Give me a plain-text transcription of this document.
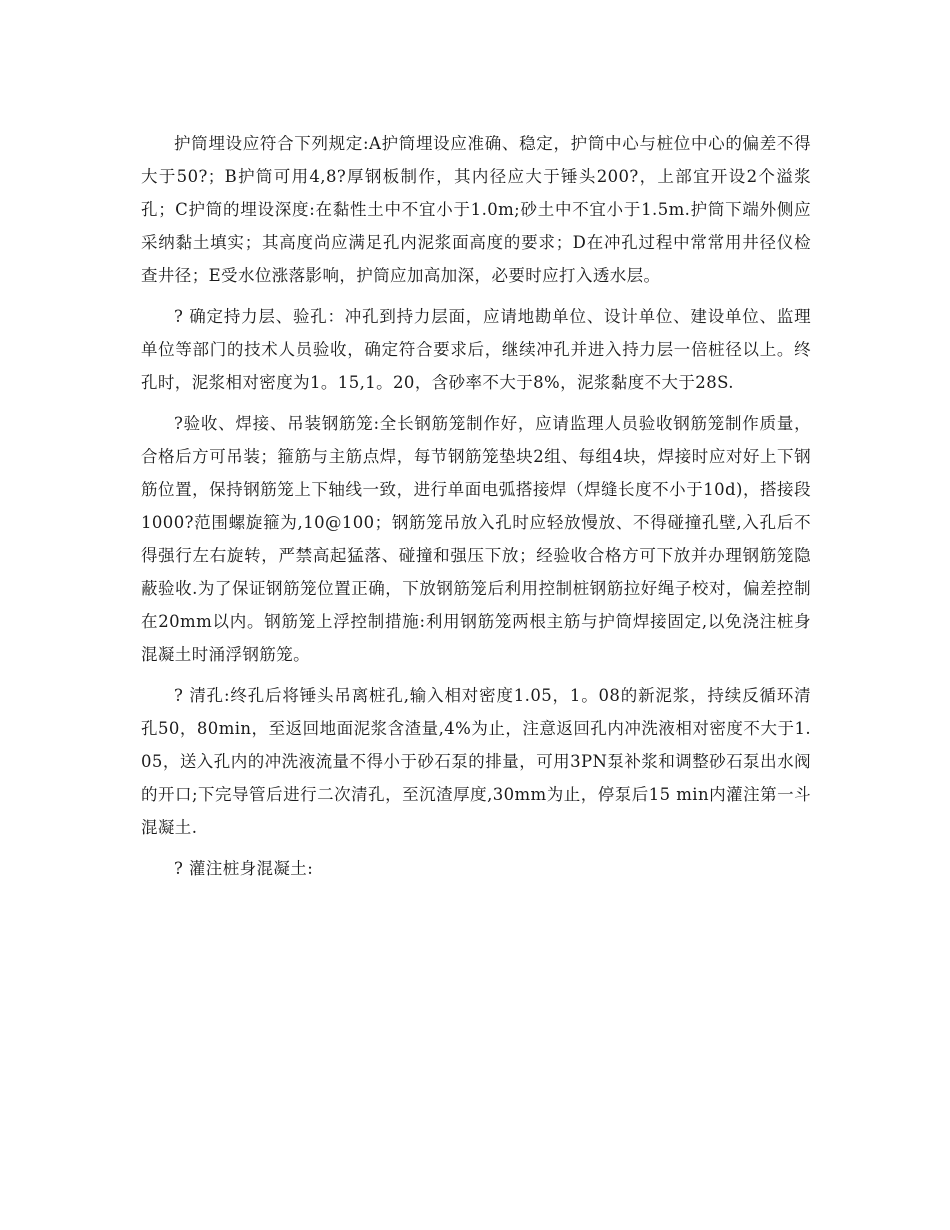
护筒埋设应符合下列规定:A护筒埋设应准确、稳定，护筒中心与桩位中心的偏差不得大于50?；B护筒可用4,8?厚钢板制作，其内径应大于锤头200?，上部宜开设2个溢浆孔；C护筒的埋设深度:在黏性土中不宜小于1.0m;砂土中不宜小于1.5m.护筒下端外侧应采纳黏土填实；其高度尚应满足孔内泥浆面高度的要求；D在冲孔过程中常常用井径仪检查井径；E受水位涨落影响，护筒应加高加深，必要时应打入透水层。

? 确定持力层、验孔：冲孔到持力层面，应请地勘单位、设计单位、建设单位、监理单位等部门的技术人员验收，确定符合要求后，继续冲孔并进入持力层一倍桩径以上。终孔时，泥浆相对密度为1。15,1。20，含砂率不大于8%，泥浆黏度不大于28S.

?验收、焊接、吊装钢筋笼:全长钢筋笼制作好，应请监理人员验收钢筋笼制作质量，合格后方可吊装；箍筋与主筋点焊，每节钢筋笼垫块2组、每组4块，焊接时应对好上下钢筋位置，保持钢筋笼上下轴线一致，进行单面电弧搭接焊（焊缝长度不小于10d)，搭接段1000?范围螺旋箍为,10@100；钢筋笼吊放入孔时应轻放慢放、不得碰撞孔壁,入孔后不得强行左右旋转，严禁高起猛落、碰撞和强压下放；经验收合格方可下放并办理钢筋笼隐蔽验收.为了保证钢筋笼位置正确，下放钢筋笼后利用控制桩钢筋拉好绳子校对，偏差控制在20mm以内。钢筋笼上浮控制措施:利用钢筋笼两根主筋与护筒焊接固定,以免浇注桩身混凝土时涌浮钢筋笼。

? 清孔:终孔后将锤头吊离桩孔,输入相对密度1.05，1。08的新泥浆，持续反循环清孔50，80min，至返回地面泥浆含渣量,4%为止，注意返回孔内冲洗液相对密度不大于1.05，送入孔内的冲洗液流量不得小于砂石泵的排量，可用3PN泵补浆和调整砂石泵出水阀的开口;下完导管后进行二次清孔，至沉渣厚度,30mm为止，停泵后15 min内灌注第一斗混凝土.

? 灌注桩身混凝土:
